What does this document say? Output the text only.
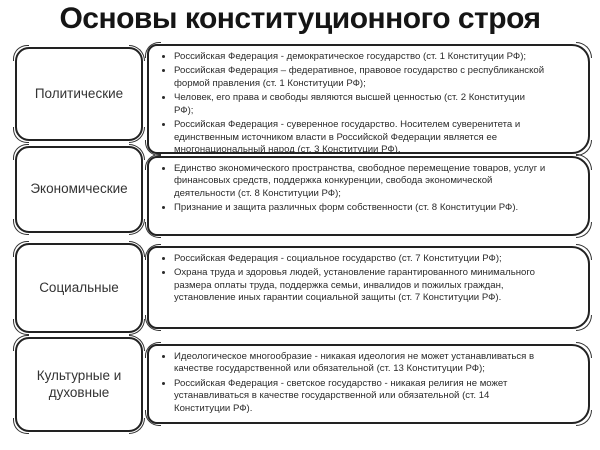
Основы конституционного строя
Политические
• Российская Федерация - демократическое государство (ст. 1 Конституции РФ);
• Российская Федерация – федеративное, правовое государство с республиканской формой правления (ст. 1 Конституции РФ);
• Человек, его права и свободы являются высшей ценностью (ст. 2 Конституции РФ);
• Российская Федерация - суверенное государство. Носителем суверенитета и единственным источником власти в Российской Федерации является ее многонациональный народ (ст. 3 Конституции РФ).
Экономические
• Единство экономического пространства, свободное перемещение товаров, услуг и финансовых средств, поддержка конкуренции, свобода экономической деятельности (ст. 8 Конституции РФ);
• Признание и защита различных форм собственности (ст. 8 Конституции РФ).
Социальные
• Российская Федерация - социальное государство (ст. 7 Конституции РФ);
• Охрана труда и здоровья людей, установление гарантированного минимального размера оплаты труда, поддержка семьи, инвалидов и пожилых граждан, установление иных гарантии социальной защиты (ст. 7 Конституции РФ).
Культурные и духовные
• Идеологическое многообразие - никакая идеология не может устанавливаться в качестве государственной или обязательной (ст. 13 Конституции РФ);
• Российская Федерация - светское государство - никакая религия не может устанавливаться в качестве государственной или обязательной (ст. 14 Конституции РФ).
